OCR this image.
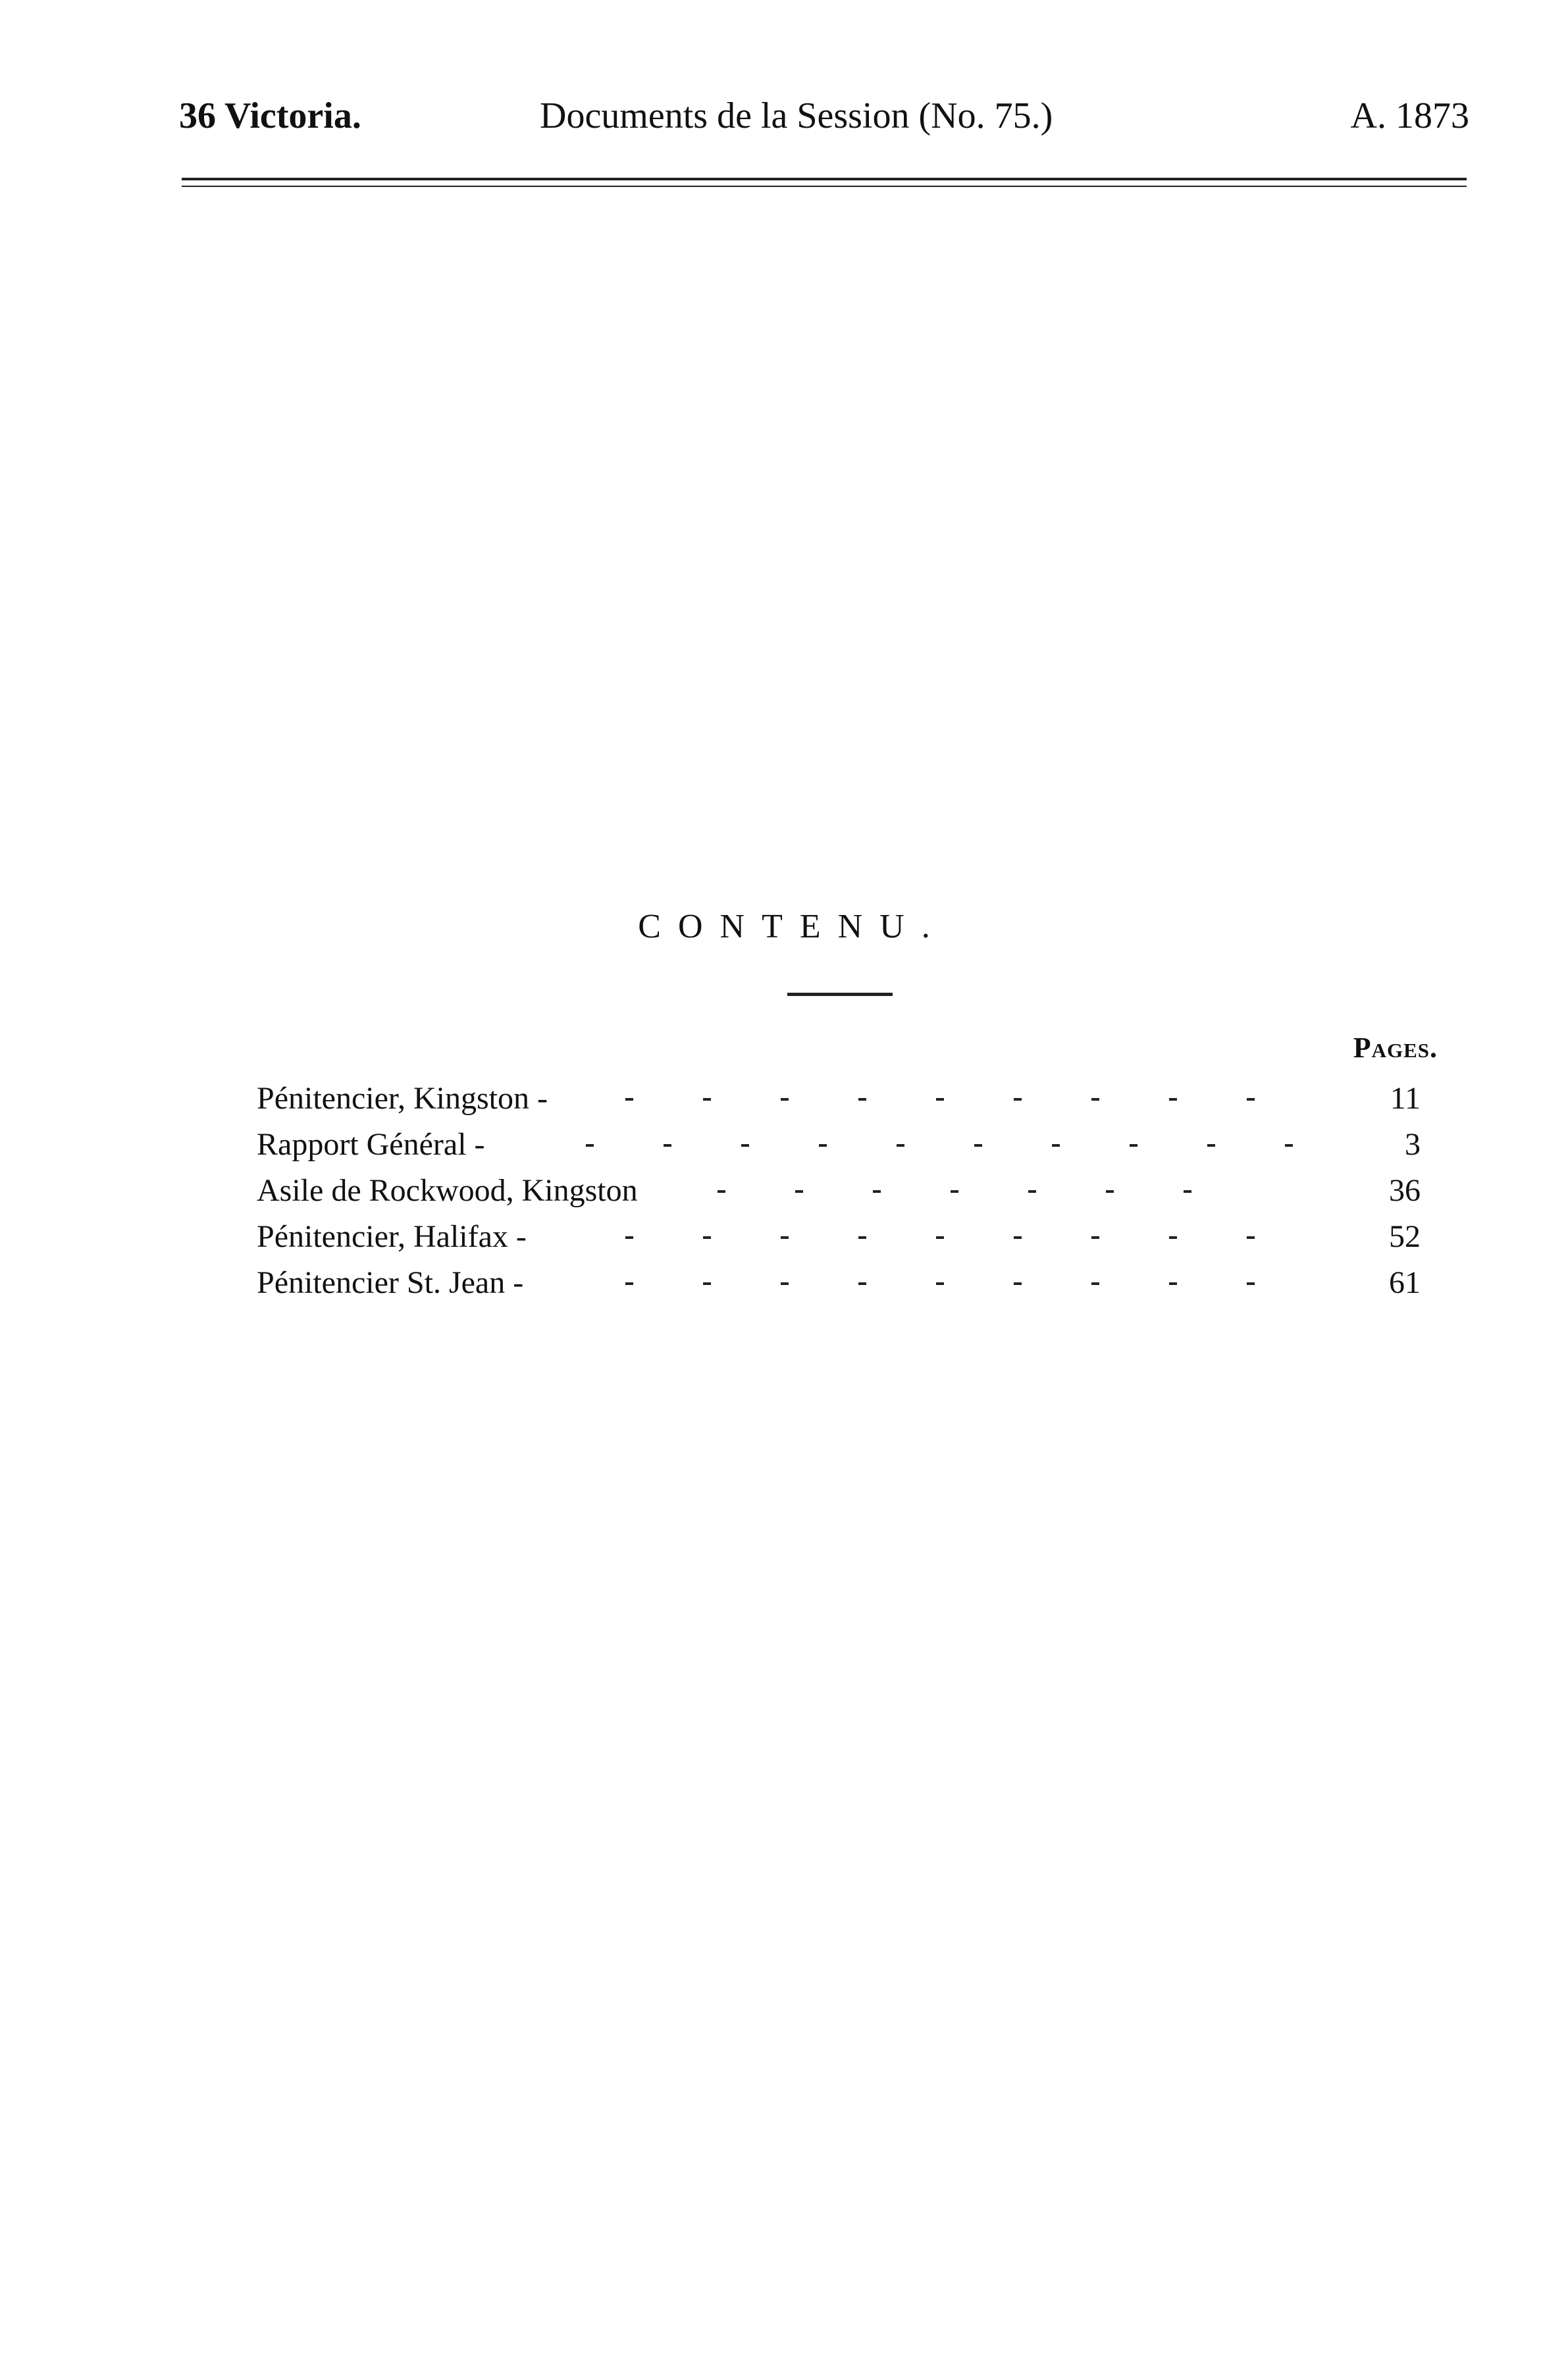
36 Victoria.	Documents de la Session (No. 75.)	A. 1873
CONTENU.
Pages.
Pénitencier, Kingston -	11
Rapport Général -	3
Asile de Rockwood, Kingston	36
Pénitencier, Halifax -	52
Pénitencier St. Jean -	61
